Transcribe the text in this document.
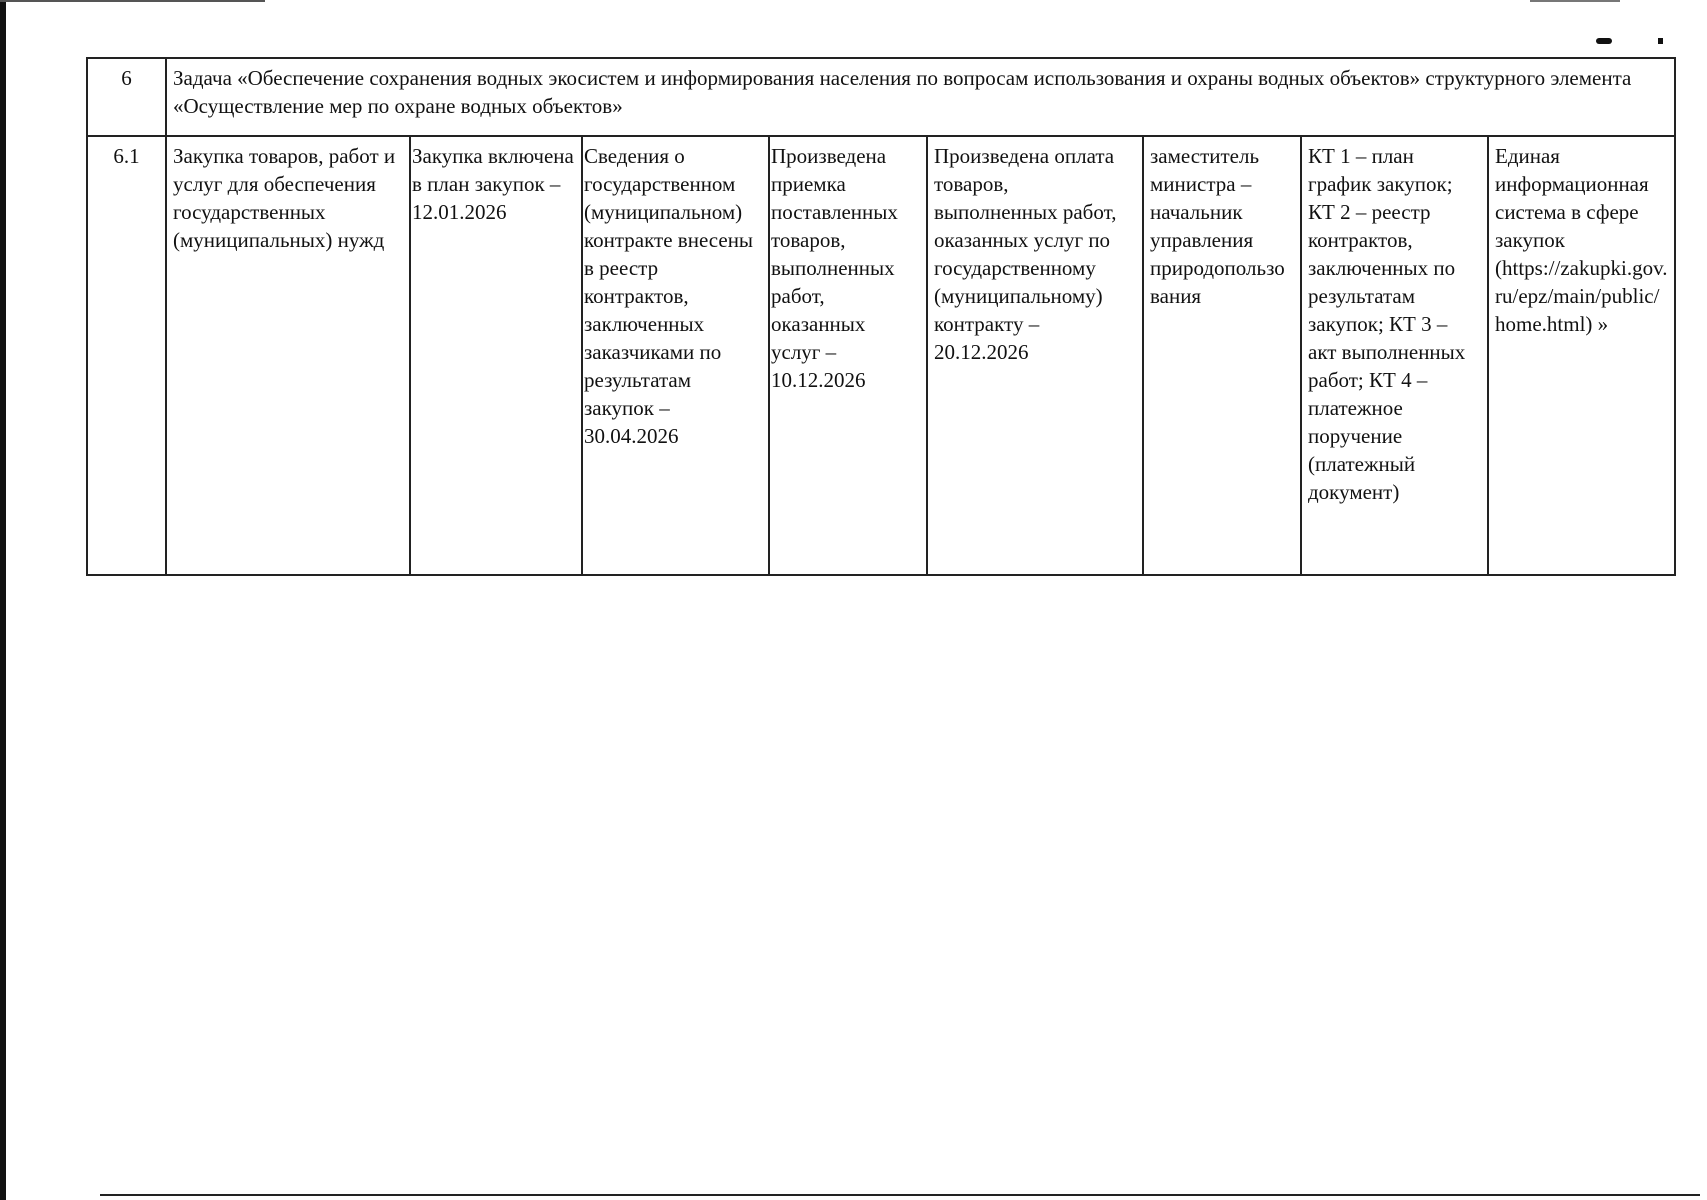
6	Задача «Обеспечение сохранения водных экосистем и информирования населения по вопросам использования и охраны водных объектов» структурного элемента «Осуществление мер по охране водных объектов»							
6.1	Закупка товаров, работ и услуг для обеспечения государственных (муниципальных) нужд	Закупка включена в план закупок – 12.01.2026	Сведения о государственном (муниципальном) контракте внесены в реестр контрактов, заключенных заказчиками по результатам закупок – 30.04.2026	Произведена приемка поставленных товаров, выполненных работ, оказанных услуг – 10.12.2026	Произведена оплата товаров, выполненных работ, оказанных услуг по государственному (муниципальному) контракту – 20.12.2026	заместитель министра – начальник управления природопользования	КТ 1 – план график закупок; КТ 2 – реестр контрактов, заключенных по результатам закупок; КТ 3 – акт выполненных работ; КТ 4 – платежное поручение (платежный документ)	Единая информационная система в сфере закупок (https://zakupki.gov.ru/epz/main/public/home.html) »
